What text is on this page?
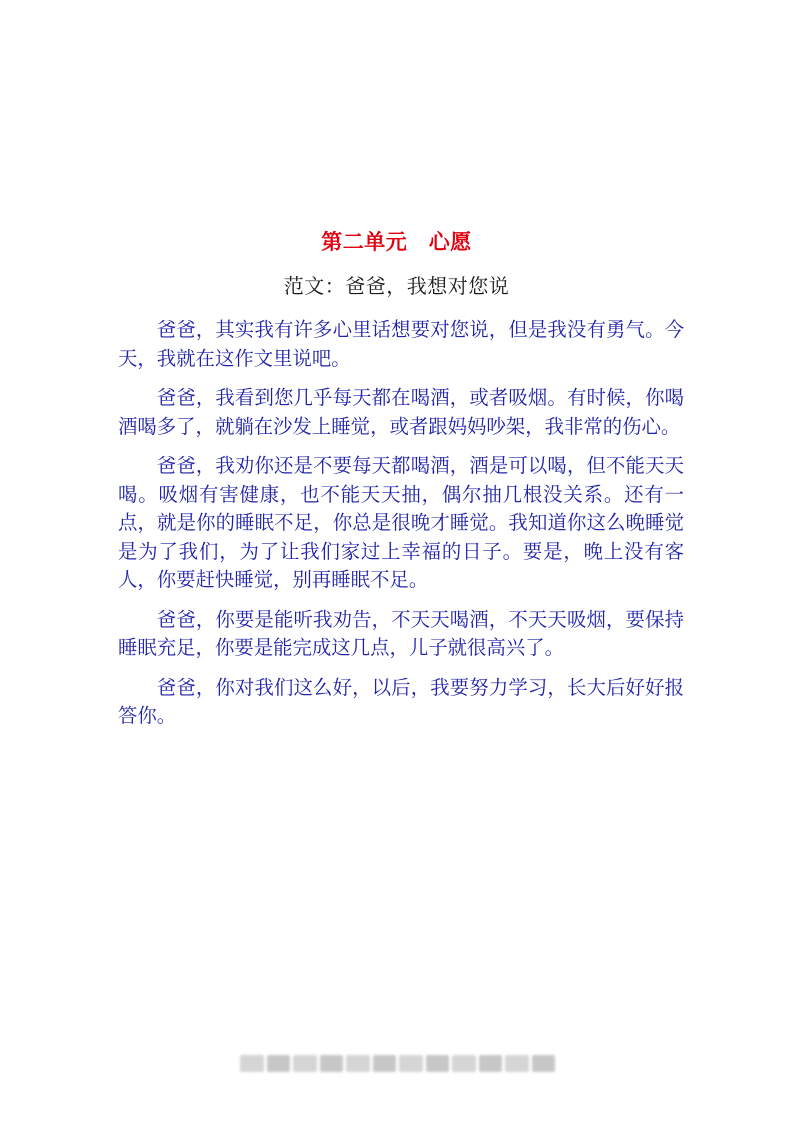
第二单元　心愿
范文：爸爸，我想对您说

爸爸，其实我有许多心里话想要对您说，但是我没有勇气。今天，我就在这作文里说吧。

爸爸，我看到您几乎每天都在喝酒，或者吸烟。有时候，你喝酒喝多了，就躺在沙发上睡觉，或者跟妈妈吵架，我非常的伤心。

爸爸，我劝你还是不要每天都喝酒，酒是可以喝，但不能天天喝。吸烟有害健康，也不能天天抽，偶尔抽几根没关系。还有一点，就是你的睡眠不足，你总是很晚才睡觉。我知道你这么晚睡觉是为了我们，为了让我们家过上幸福的日子。要是，晚上没有客人，你要赶快睡觉，别再睡眠不足。

爸爸，你要是能听我劝告，不天天喝酒，不天天吸烟，要保持睡眠充足，你要是能完成这几点，儿子就很高兴了。

爸爸，你对我们这么好，以后，我要努力学习，长大后好好报答你。
